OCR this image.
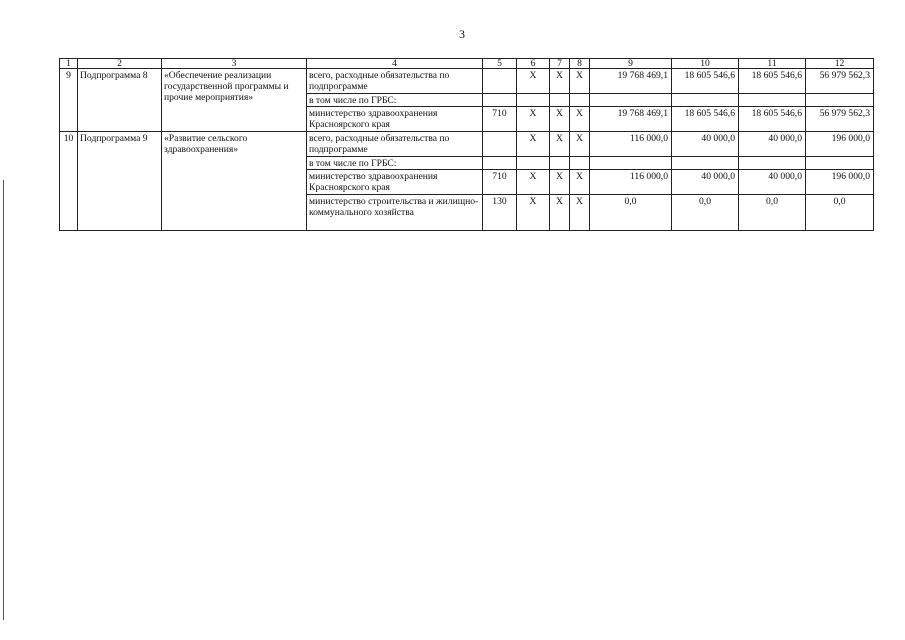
3
1	2	3	4	5	6	7	8	9	10	11	12
9	Подпрограмма 8	«Обеспечение реализации государственной программы и прочие мероприятия»	всего, расходные обязательства по подпрограмме		Х	Х	Х	19 768 469,1	18 605 546,6	18 605 546,6	56 979 562,3
			в том числе по ГРБС:								
			министерство здравоохранения Красноярского края	710	Х	Х	Х	19 768 469,1	18 605 546,6	18 605 546,6	56 979 562,3
10	Подпрограмма 9	«Развитие сельского здравоохранения»	всего, расходные обязательства по подпрограмме		Х	Х	Х	116 000,0	40 000,0	40 000,0	196 000,0
			в том числе по ГРБС:								
			министерство здравоохранения Красноярского края	710	Х	Х	Х	116 000,0	40 000,0	40 000,0	196 000,0
			министерство строительства и жилищно-коммунального хозяйства	130	Х	Х	Х	0,0	0,0	0,0	0,0
